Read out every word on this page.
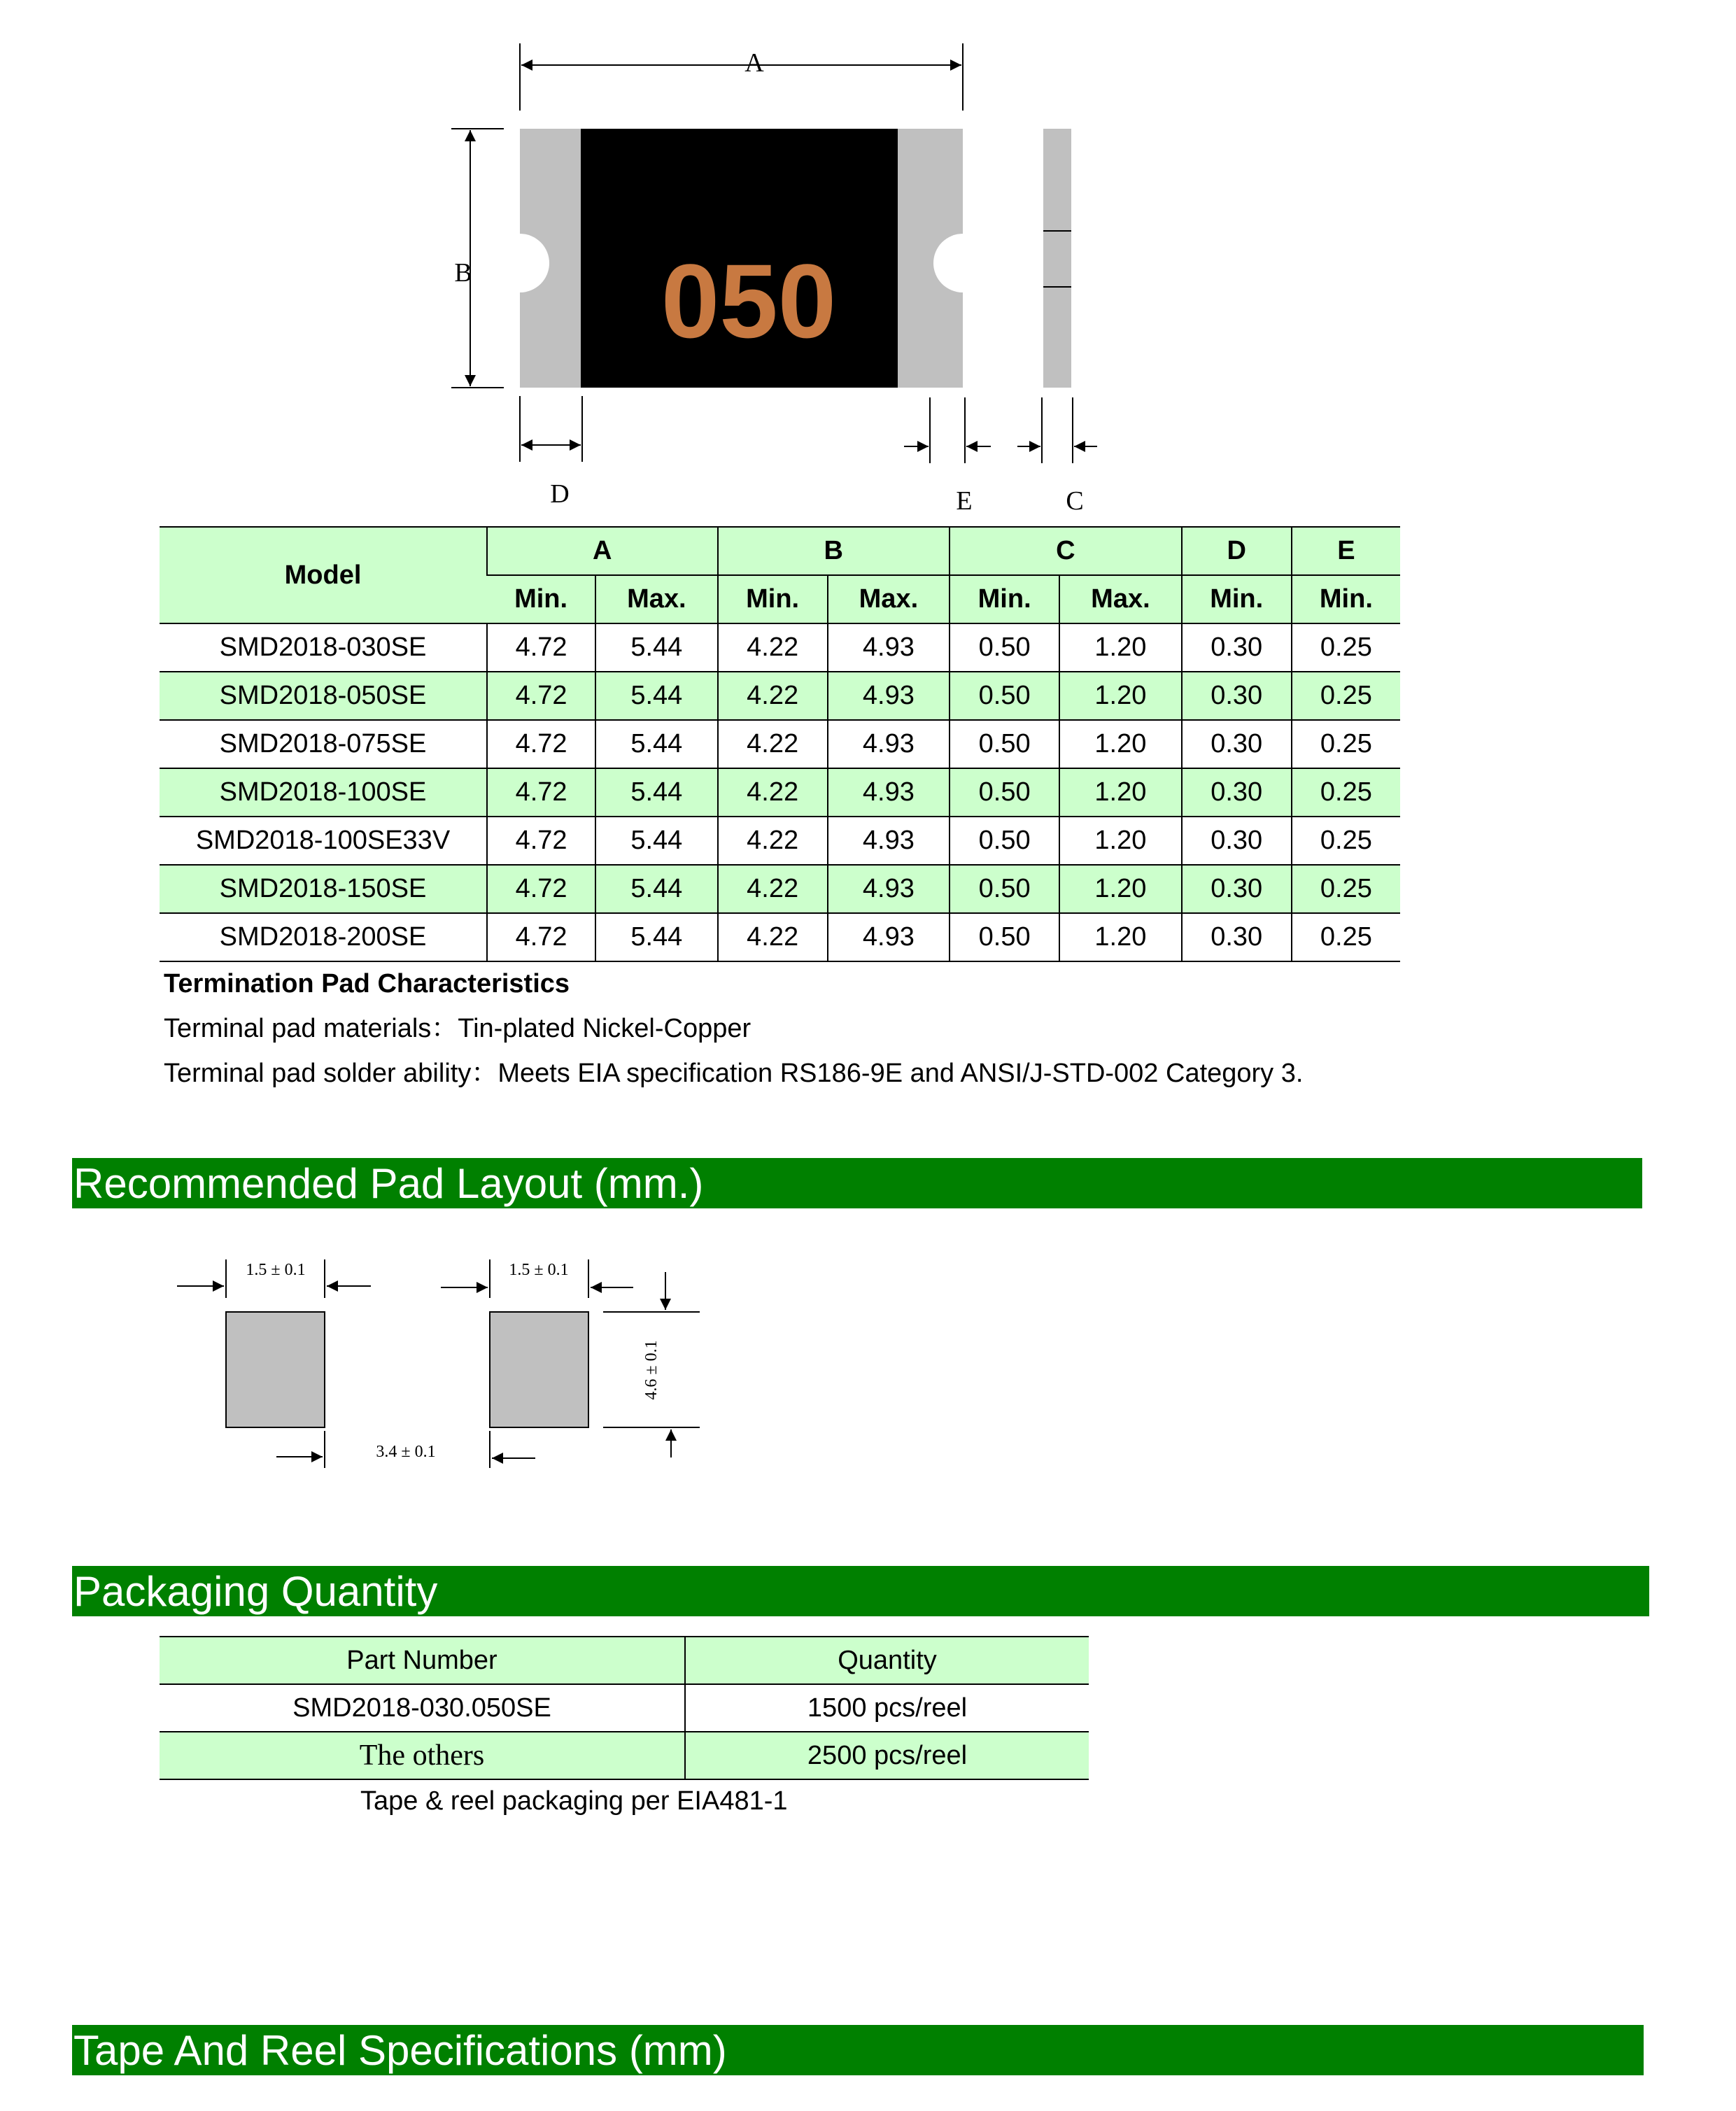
A
B 050
D	E	C
Model	A		B		C		D	E
	Min.	Max.	Min.	Max.	Min.	Max.	Min.	Min.
SMD2018-030SE	4.72	5.44	4.22	4.93	0.50	1.20	0.30	0.25
SMD2018-050SE	4.72	5.44	4.22	4.93	0.50	1.20	0.30	0.25
SMD2018-075SE	4.72	5.44	4.22	4.93	0.50	1.20	0.30	0.25
SMD2018-100SE	4.72	5.44	4.22	4.93	0.50	1.20	0.30	0.25
SMD2018-100SE33V	4.72	5.44	4.22	4.93	0.50	1.20	0.30	0.25
SMD2018-150SE	4.72	5.44	4.22	4.93	0.50	1.20	0.30	0.25
SMD2018-200SE	4.72	5.44	4.22	4.93	0.50	1.20	0.30	0.25
Termination Pad Characteristics
Terminal pad materials：Tin-plated Nickel-Copper
Terminal pad solder ability：Meets EIA specification RS186-9E and ANSI/J-STD-002 Category 3.
Recommended Pad Layout (mm.)
1.5 ± 0.1	1.5 ± 0.1
3.4 ± 0.1
4.6 ± 0.1
Packaging Quantity
Part Number	Quantity
SMD2018-030.050SE	1500 pcs/reel
The others	2500 pcs/reel
Tape & reel packaging per EIA481-1
Tape And Reel Specifications (mm)
